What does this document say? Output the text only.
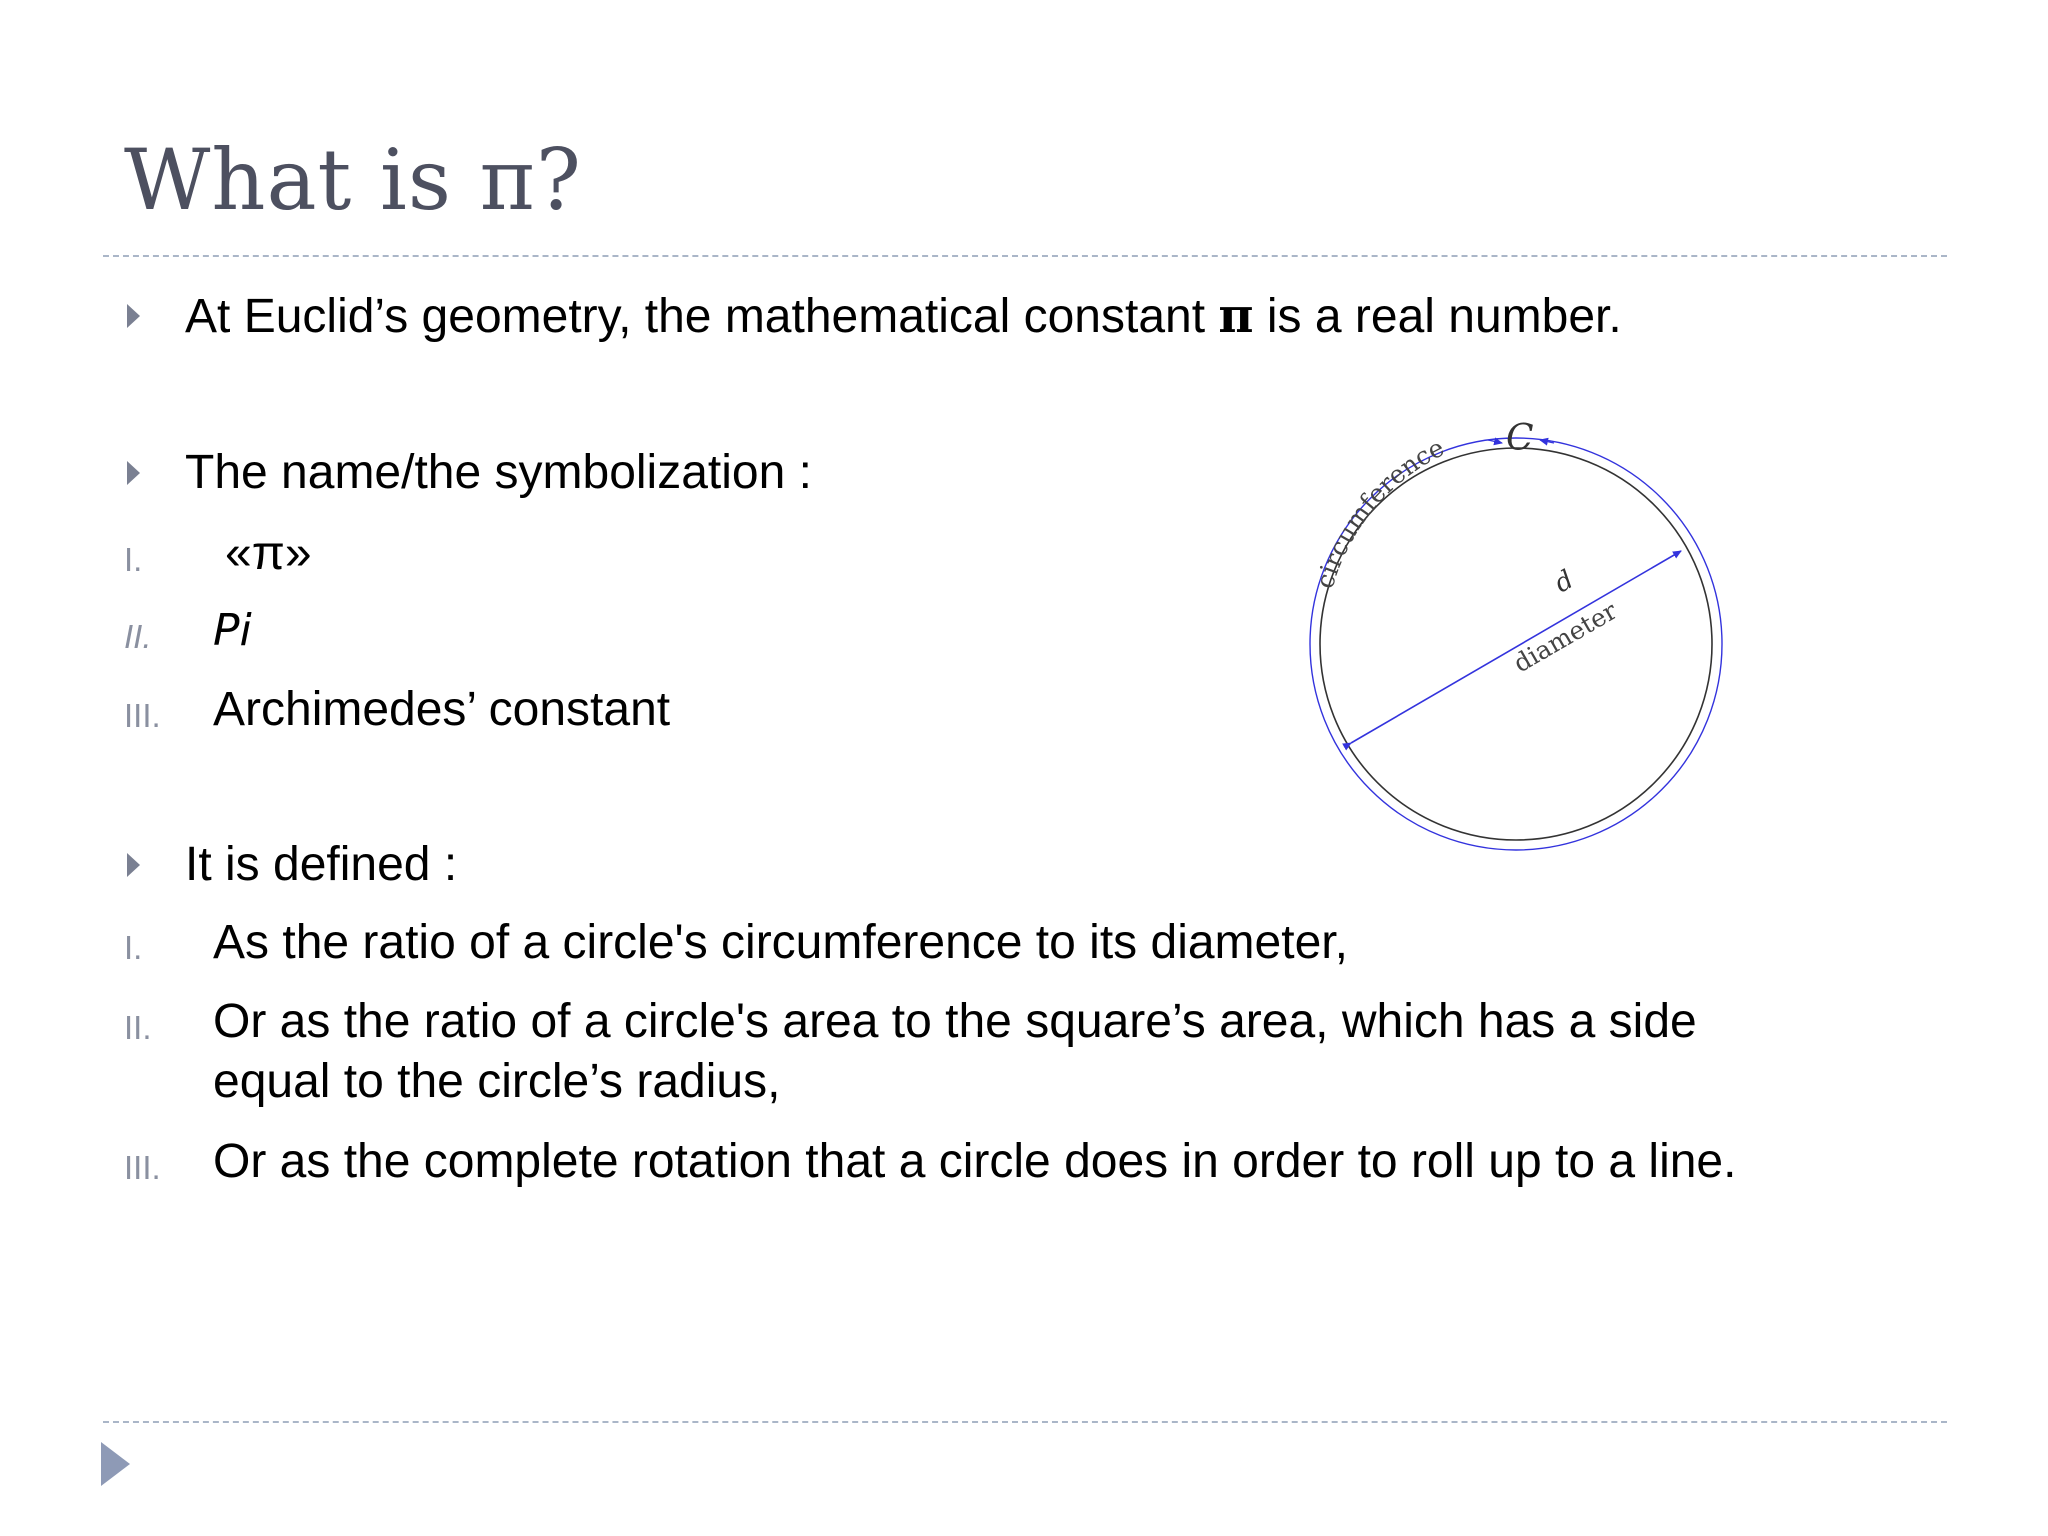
What is π?
At Euclid’s geometry, the mathematical constant π is a real number.
The name/the symbolization :
I. «π»
II. Pi
III. Archimedes’ constant
It is defined :
I. As the ratio of a circle's circumference to its diameter,
II. Or as the ratio of a circle's area to the square’s area, which has a side
equal to the circle’s radius,
III. Or as the complete rotation that a circle does in order to roll up to a line.
circumference C
d
diameter
